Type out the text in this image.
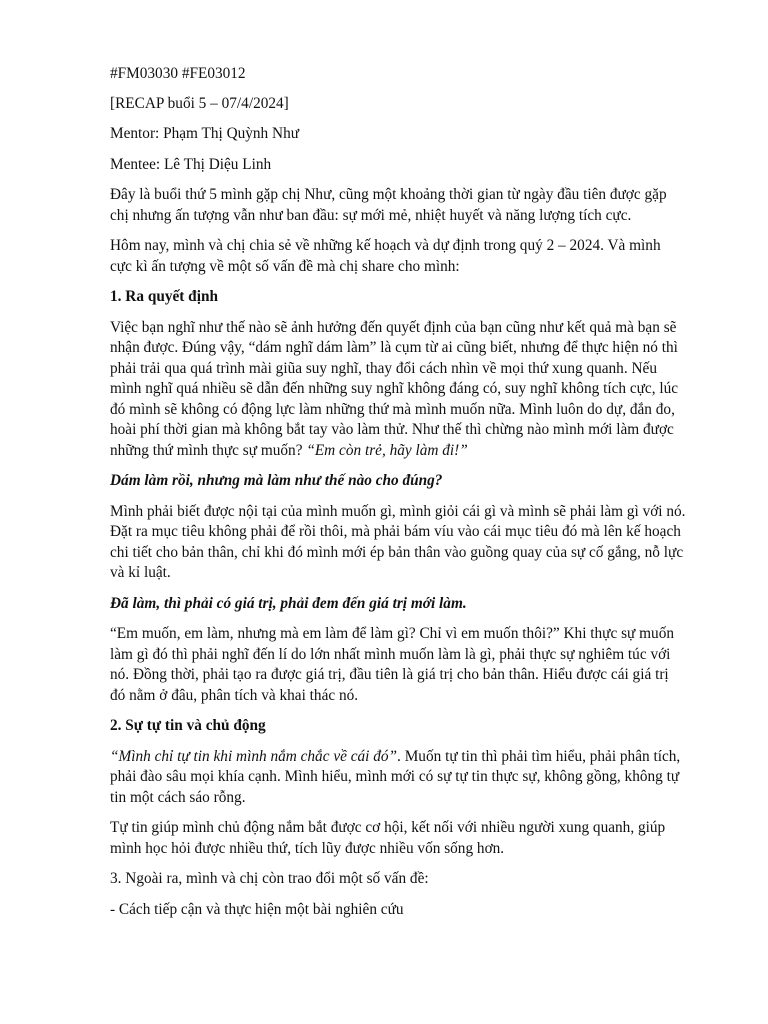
#FM03030 #FE03012

[RECAP buổi 5 – 07/4/2024]

Mentor: Phạm Thị Quỳnh Như

Mentee: Lê Thị Diệu Linh

Đây là buổi thứ 5 mình gặp chị Như, cũng một khoảng thời gian từ ngày đầu tiên được gặp chị nhưng ấn tượng vẫn như ban đầu: sự mới mẻ, nhiệt huyết và năng lượng tích cực.

Hôm nay, mình và chị chia sẻ về những kế hoạch và dự định trong quý 2 – 2024. Và mình cực kì ấn tượng về một số vấn đề mà chị share cho mình:

1. Ra quyết định

Việc bạn nghĩ như thế nào sẽ ảnh hưởng đến quyết định của bạn cũng như kết quả mà bạn sẽ nhận được. Đúng vậy, “dám nghĩ dám làm” là cụm từ ai cũng biết, nhưng để thực hiện nó thì phải trải qua quá trình mài giũa suy nghĩ, thay đổi cách nhìn về mọi thứ xung quanh. Nếu mình nghĩ quá nhiều sẽ dẫn đến những suy nghĩ không đáng có, suy nghĩ không tích cực, lúc đó mình sẽ không có động lực làm những thứ mà mình muốn nữa. Mình luôn do dự, đắn đo, hoài phí thời gian mà không bắt tay vào làm thử. Như thế thì chừng nào mình mới làm được những thứ mình thực sự muốn? “Em còn trẻ, hãy làm đi!”

Dám làm rồi, nhưng mà làm như thế nào cho đúng?

Mình phải biết được nội tại của mình muốn gì, mình giỏi cái gì và mình sẽ phải làm gì với nó. Đặt ra mục tiêu không phải để rồi thôi, mà phải bám víu vào cái mục tiêu đó mà lên kế hoạch chi tiết cho bản thân, chỉ khi đó mình mới ép bản thân vào guồng quay của sự cố gắng, nỗ lực và kỉ luật.

Đã làm, thì phải có giá trị, phải đem đến giá trị mới làm.

“Em muốn, em làm, nhưng mà em làm để làm gì? Chỉ vì em muốn thôi?” Khi thực sự muốn làm gì đó thì phải nghĩ đến lí do lớn nhất mình muốn làm là gì, phải thực sự nghiêm túc với nó. Đồng thời, phải tạo ra được giá trị, đầu tiên là giá trị cho bản thân. Hiểu được cái giá trị đó nằm ở đâu, phân tích và khai thác nó.

2. Sự tự tin và chủ động

“Mình chỉ tự tin khi mình nắm chắc về cái đó”. Muốn tự tin thì phải tìm hiểu, phải phân tích, phải đào sâu mọi khía cạnh. Mình hiểu, mình mới có sự tự tin thực sự, không gồng, không tự tin một cách sáo rỗng.

Tự tin giúp mình chủ động nắm bắt được cơ hội, kết nối với nhiều người xung quanh, giúp mình học hỏi được nhiều thứ, tích lũy được nhiều vốn sống hơn.

3. Ngoài ra, mình và chị còn trao đổi một số vấn đề:

- Cách tiếp cận và thực hiện một bài nghiên cứu
